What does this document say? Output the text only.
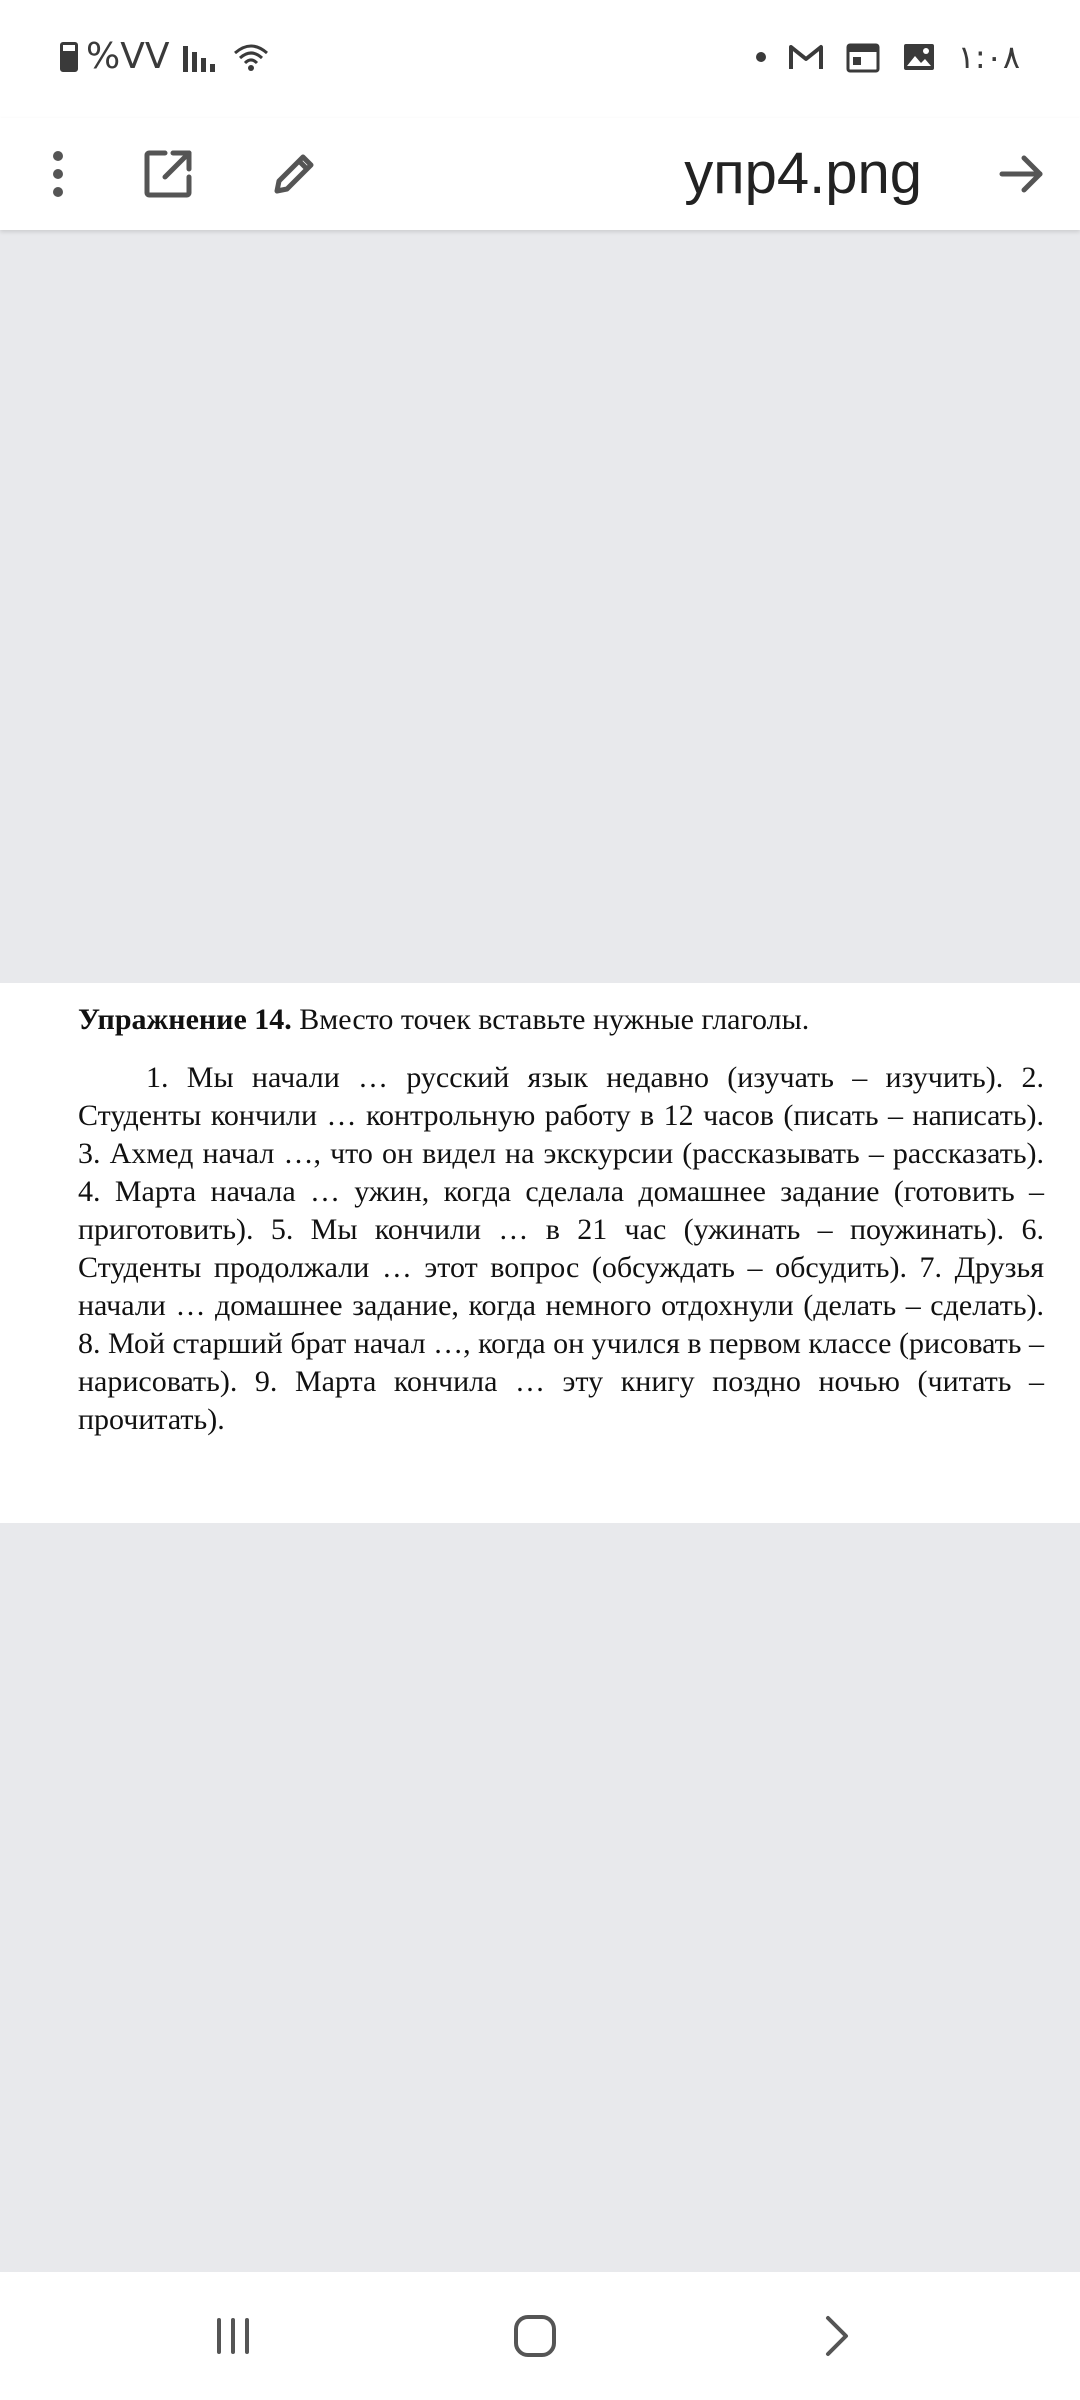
%VV	١:٠٨
упр4.png

Упражнение 14. Вместо точек вставьте нужные глаголы.

1. Мы начали … русский язык недавно (изучать – изучить). 2. Студенты кончили … контрольную работу в 12 часов (писать – написать). 3. Ахмед начал …, что он видел на экскурсии (рассказывать – рассказать). 4. Марта начала … ужин, когда сделала домашнее задание (готовить – приготовить). 5. Мы кончили … в 21 час (ужинать – поужинать). 6. Студенты продолжали … этот вопрос (обсуждать – обсудить). 7. Друзья начали … домашнее задание, когда немного отдохнули (делать – сделать). 8. Мой старший брат начал …, когда он учился в первом классе (рисовать – нарисовать). 9. Марта кончила … эту книгу поздно ночью (читать – прочитать).
